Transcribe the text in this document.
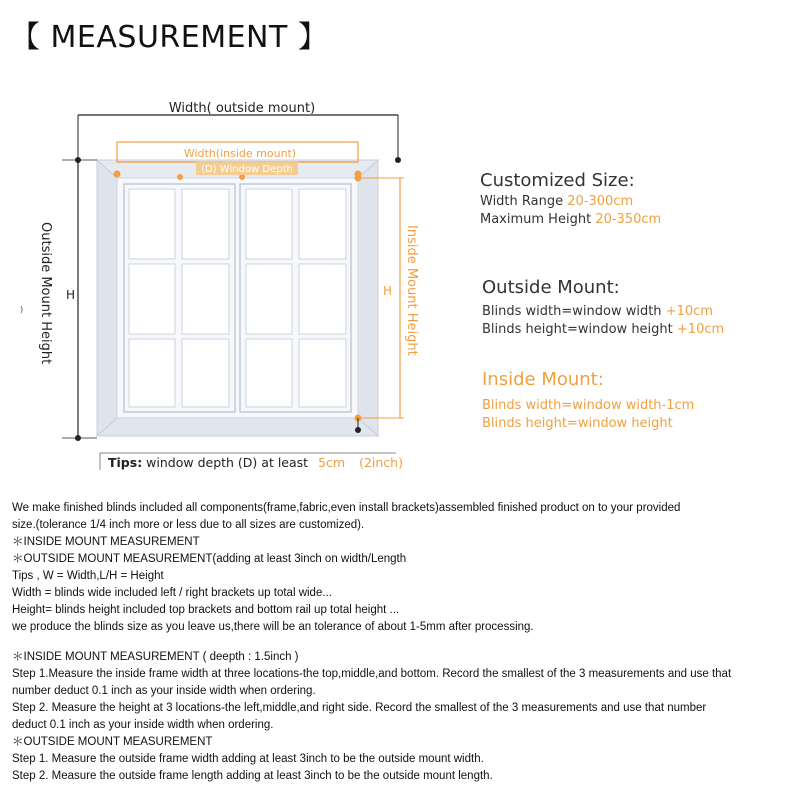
【 MEASUREMENT 】
Width( outside mount)
Width(inside mount)
(D) Window Depth
Outside Mount Height H
)	Inside Mount Height
H
Tips: window depth (D) at least 5cm (2inch)
Customized Size:
Width Range 20-300cm
Maximum Height 20-350cm
Outside Mount:
Blinds width=window width +10cm
Blinds height=window height +10cm
Inside Mount:
Blinds width=window width-1cm
Blinds height=window height

We make finished blinds included all components(frame,fabric,even install brackets)assembled finished product on to your provided

size.(tolerance 1/4 inch more or less due to all sizes are customized).

＊INSIDE MOUNT MEASUREMENT

＊OUTSIDE MOUNT MEASUREMENT(adding at least 3inch on width/Length

Tips , W = Width,L/H = Height

Width = blinds wide included left / right brackets up total wide...

Height= blinds height included top brackets and bottom rail up total height ...

we produce the blinds size as you leave us,there will be an tolerance of about 1-5mm after processing.

＊INSIDE MOUNT MEASUREMENT ( deepth : 1.5inch )

Step 1.Measure the inside frame width at three locations-the top,middle,and bottom. Record the smallest of the 3 measurements and use that

number deduct 0.1 inch as your inside width when ordering.

Step 2. Measure the height at 3 locations-the left,middle,and right side. Record the smallest of the 3 measurements and use that number

deduct 0.1 inch as your inside width when ordering.

＊OUTSIDE MOUNT MEASUREMENT

Step 1. Measure the outside frame width adding at least 3inch to be the outside mount width.

Step 2. Measure the outside frame length adding at least 3inch to be the outside mount length.
